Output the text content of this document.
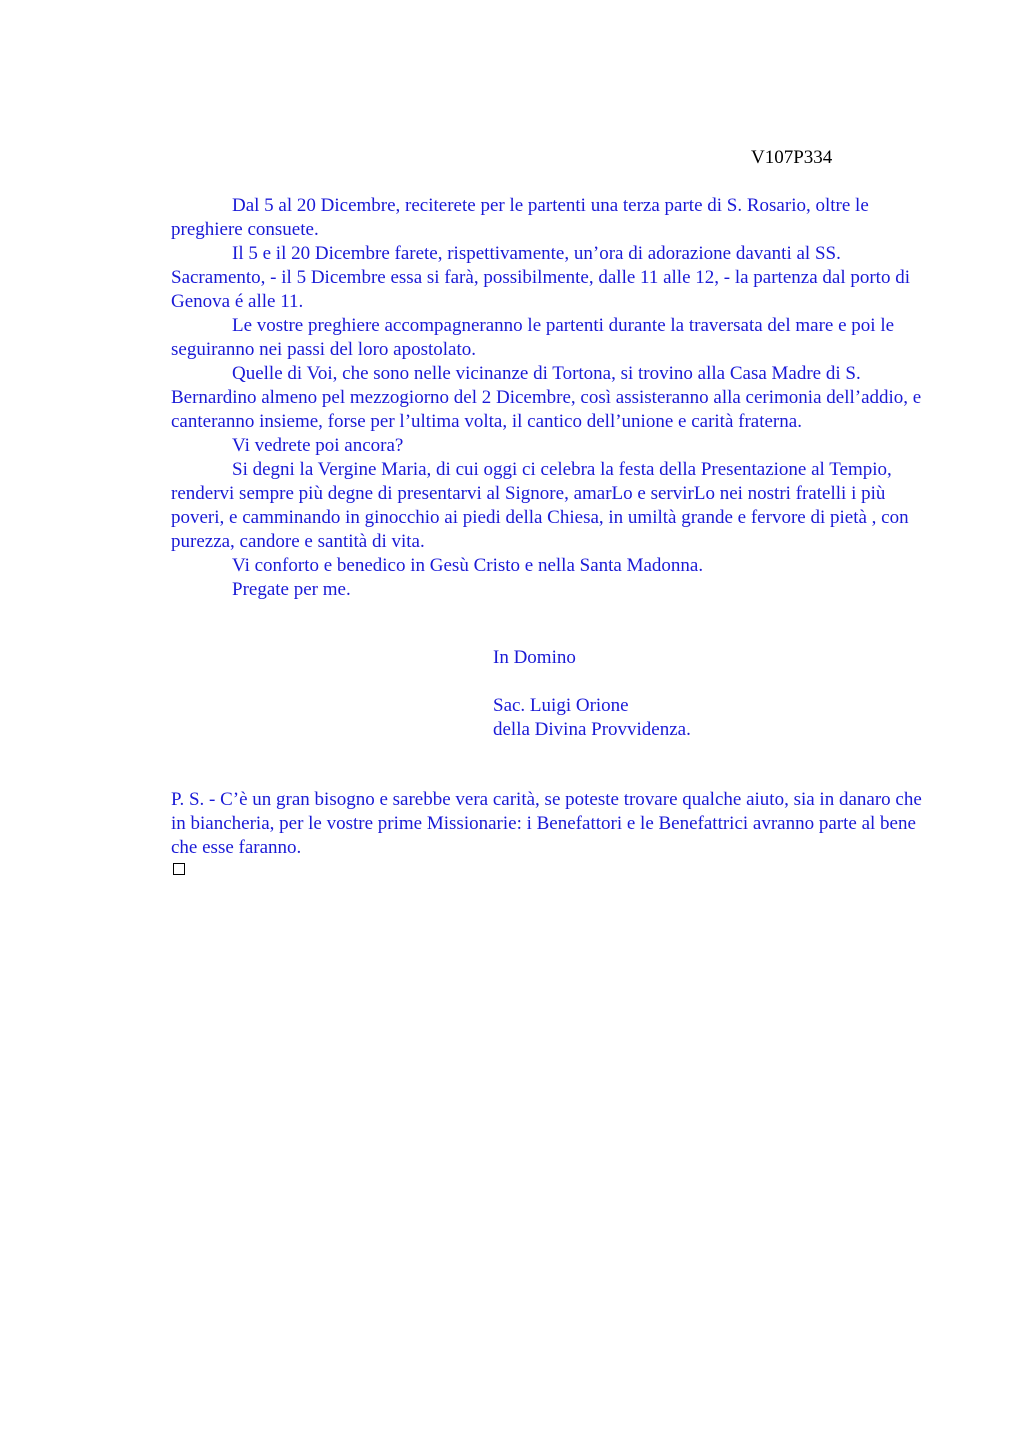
V107P334

Dal 5 al 20 Dicembre, reciterete per le partenti una terza parte di S. Rosario, oltre le preghiere consuete.

Il 5 e il 20 Dicembre farete, rispettivamente, un’ora di adorazione davanti al SS. Sacramento, - il 5 Dicembre essa si farà, possibilmente, dalle 11 alle 12, - la partenza dal porto di Genova é alle 11.

Le vostre preghiere accompagneranno le partenti durante la traversata del mare e poi le seguiranno nei passi del loro apostolato.

Quelle di Voi, che sono nelle vicinanze di Tortona, si trovino alla Casa Madre di S. Bernardino almeno pel mezzogiorno del 2 Dicembre, così assisteranno alla cerimonia dell’addio, e canteranno insieme, forse per l’ultima volta, il cantico dell’unione e carità fraterna.

Vi vedrete poi ancora?

Si degni la Vergine Maria, di cui oggi ci celebra la festa della Presentazione al Tempio, rendervi sempre più degne di presentarvi al Signore, amarLo e servirLo nei nostri fratelli i più poveri, e camminando in ginocchio ai piedi della Chiesa, in umiltà grande e fervore di pietà , con purezza, candore e santità di vita.

Vi conforto e benedico in Gesù Cristo e nella Santa Madonna.

Pregate per me.

In Domino

Sac. Luigi Orione

della Divina Provvidenza.

P. S. - C’è un gran bisogno e sarebbe vera carità, se poteste trovare qualche aiuto, sia in danaro che in biancheria, per le vostre prime Missionarie: i Benefattori e le Benefattrici avranno parte al bene che esse faranno.
